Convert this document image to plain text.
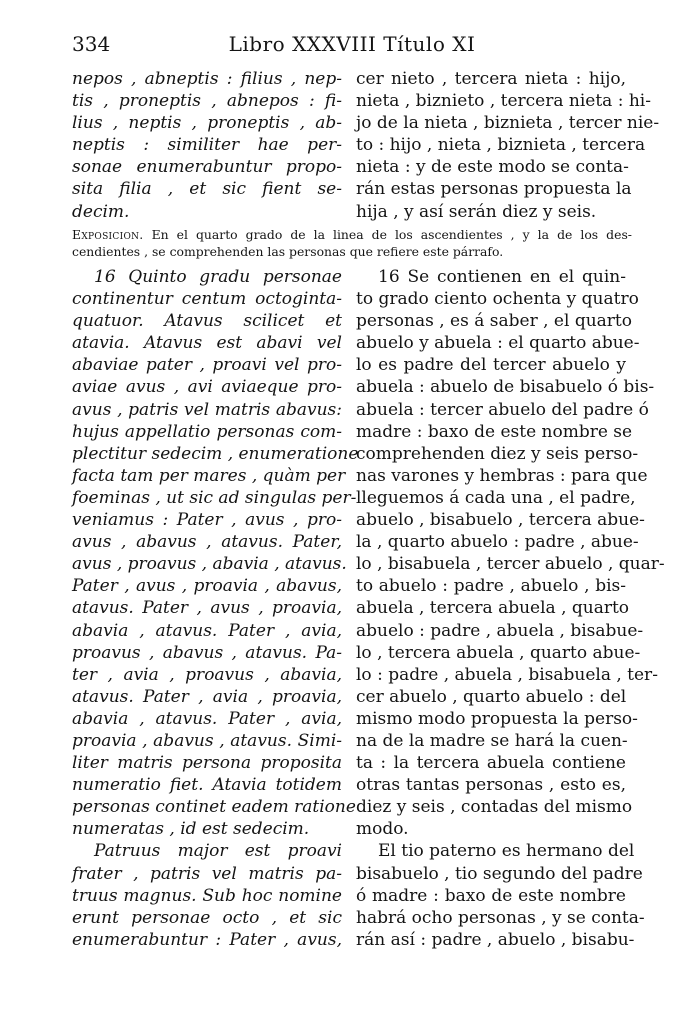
334	Libro XXXVIII Título XI
nepos , abneptis : filius , nep-
tis , proneptis , abnepos : fi-
lius , neptis , proneptis , ab-
neptis : similiter hae per-
sonae enumerabuntur propo-
sita filia , et sic fient se-
decim.
cer nieto , tercera nieta : hijo,
nieta , biznieto , tercera nieta : hi-
jo de la nieta , biznieta , tercer nie-
to : hijo , nieta , biznieta , tercera
nieta : y de este modo se conta-
rán estas personas propuesta la
hija , y así serán diez y seis.
Exposicion. En el quarto grado de la linea de los ascendientes , y la de los des-
cendientes , se comprehenden las personas que refiere este párrafo.
16 Quinto gradu personae
continentur centum octoginta-
quatuor. Atavus scilicet et
atavia. Atavus est abavi vel
abaviae pater , proavi vel pro-
aviae avus , avi aviaeque pro-
avus , patris vel matris abavus:
hujus appellatio personas com-
plectitur sedecim , enumeratione
facta tam per mares , quàm per
foeminas , ut sic ad singulas per-
veniamus : Pater , avus , pro-
avus , abavus , atavus. Pater,
avus , proavus , abavia , atavus.
Pater , avus , proavia , abavus,
atavus. Pater , avus , proavia,
abavia , atavus. Pater , avia,
proavus , abavus , atavus. Pa-
ter , avia , proavus , abavia,
atavus. Pater , avia , proavia,
abavia , atavus. Pater , avia,
proavia , abavus , atavus. Simi-
liter matris persona proposita
numeratio fiet. Atavia totidem
personas continet eadem ratione
numeratas , id est sedecim.
Patruus major est proavi
frater , patris vel matris pa-
truus magnus. Sub hoc nomine
erunt personae octo , et sic
enumerabuntur : Pater , avus,
16 Se contienen en el quin-
to grado ciento ochenta y quatro
personas , es á saber , el quarto
abuelo y abuela : el quarto abue-
lo es padre del tercer abuelo y
abuela : abuelo de bisabuelo ó bis-
abuela : tercer abuelo del padre ó
madre : baxo de este nombre se
comprehenden diez y seis perso-
nas varones y hembras : para que
lleguemos á cada una , el padre,
abuelo , bisabuelo , tercera abue-
la , quarto abuelo : padre , abue-
lo , bisabuela , tercer abuelo , quar-
to abuelo : padre , abuelo , bis-
abuela , tercera abuela , quarto
abuelo : padre , abuela , bisabue-
lo , tercera abuela , quarto abue-
lo : padre , abuela , bisabuela , ter-
cer abuelo , quarto abuelo : del
mismo modo propuesta la perso-
na de la madre se hará la cuen-
ta : la tercera abuela contiene
otras tantas personas , esto es,
diez y seis , contadas del mismo
modo.
El tio paterno es hermano del
bisabuelo , tio segundo del padre
ó madre : baxo de este nombre
habrá ocho personas , y se conta-
rán así : padre , abuelo , bisabu-
